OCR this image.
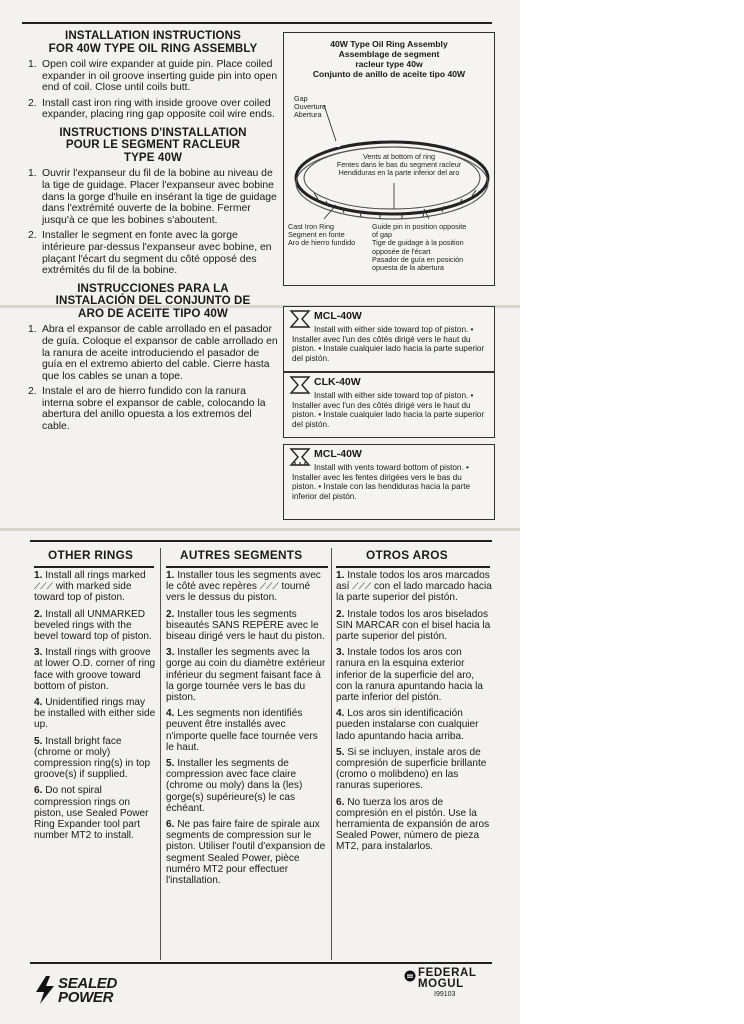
INSTALLATION INSTRUCTIONS
FOR 40W TYPE OIL RING ASSEMBLY
1. Open coil wire expander at guide pin. Place coiled expander in oil groove inserting guide pin into open end of coil. Close until coils butt.
2. Install cast iron ring with inside groove over coiled expander, placing ring gap opposite coil wire ends.
INSTRUCTIONS D'INSTALLATION
POUR LE SEGMENT RACLEUR
TYPE 40W
1. Ouvrir l'expanseur du fil de la bobine au niveau de la tige de guidage. Placer l'expanseur avec bobine dans la gorge d'huile en insérant la tige de guidage dans l'extrémité ouverte de la bobine. Fermer jusqu'à ce que les bobines s'aboutent.
2. Installer le segment en fonte avec la gorge intérieure par-dessus l'expanseur avec bobine, en plaçant l'écart du segment du côté opposé des extrémités du fil de la bobine.
INSTRUCCIONES PARA LA
INSTALACIÓN DEL CONJUNTO DE
ARO DE ACEITE TIPO 40W
1. Abra el expansor de cable arrollado en el pasador de guía. Coloque el expansor de cable arrollado en la ranura de aceite introduciendo el pasador de guía en el extremo abierto del cable. Cierre hasta que los cables se unan a tope.
2. Instale el aro de hierro fundido con la ranura interna sobre el expansor de cable, colocando la abertura del anillo opuesta a los extremos del cable.
40W Type Oil Ring Assembly
Assemblage de segment
racleur type 40w
Conjunto de anillo de aceite tipo 40W
Gap
Ouverture
Abertura
Vents at bottom of ring
Fentes dans le bas du segment racleur
Hendiduras en la parte inferior del aro
Cast Iron Ring
Segment en fonte
Aro de hierro fundido
Guide pin in position opposite
of gap
Tige de guidage à la position
opposée de l'écart
Pasador de guía en posición
opuesta de la abertura
MCL-40W
Install with either side toward top of piston. • Installer avec l'un des côtés dirigé vers le haut du piston. • Instale cualquier lado hacia la parte superior del pistón.
CLK-40W
Install with either side toward top of piston. • Installer avec l'un des côtés dirigé vers le haut du piston. • Instale cualquier lado hacia la parte superior del pistón.
MCL-40W
Install with vents toward bottom of piston. • Installer avec les fentes dirigées vers le bas du piston. • Instale con las hendiduras hacia la parte inferior del pistón.
OTHER RINGS	AUTRES SEGMENTS	OTROS AROS
1. Install all rings marked ⟋⟋⟋ with marked side toward top of piston.
2. Install all UNMARKED beveled rings with the bevel toward top of piston.
3. Install rings with groove at lower O.D. corner of ring face with groove toward bottom of piston.
4. Unidentified rings may be installed with either side up.
5. Install bright face (chrome or moly) compression ring(s) in top groove(s) if supplied.
6. Do not spiral compression rings on piston, use Sealed Power Ring Expander tool part number MT2 to install.
1. Installer tous les segments avec le côté avec repères ⟋⟋⟋ tourné vers le dessus du piston.
2. Installer tous les segments biseautés SANS REPÈRE avec le biseau dirigé vers le haut du piston.
3. Installer les segments avec la gorge au coin du diamètre extérieur inférieur du segment faisant face à la gorge tournée vers le bas du piston.
4. Les segments non identifiés peuvent être installés avec n'importe quelle face tournée vers le haut.
5. Installer les segments de compression avec face claire (chrome ou moly) dans la (les) gorge(s) supérieure(s) le cas échéant.
6. Ne pas faire faire de spirale aux segments de compression sur le piston. Utiliser l'outil d'expansion de segment Sealed Power, pièce numéro MT2 pour effectuer l'installation.
1. Instale todos los aros marcados así ⟋⟋⟋ con el lado marcado hacia la parte superior del pistón.
2. Instale todos los aros biselados SIN MARCAR con el bisel hacia la parte superior del pistón.
3. Instale todos los aros con ranura en la esquina exterior inferior de la superficie del aro, con la ranura apuntando hacia la parte inferior del pistón.
4. Los aros sin identificación pueden instalarse con cualquier lado apuntando hacia arriba.
5. Si se incluyen, instale aros de compresión de superficie brillante (cromo o molibdeno) en las ranuras superiores.
6. No tuerza los aros de compresión en el pistón. Use la herramienta de expansión de aros Sealed Power, número de pieza MT2, para instalarlos.
SEALED
POWER
FEDERAL
MOGUL
I99103
